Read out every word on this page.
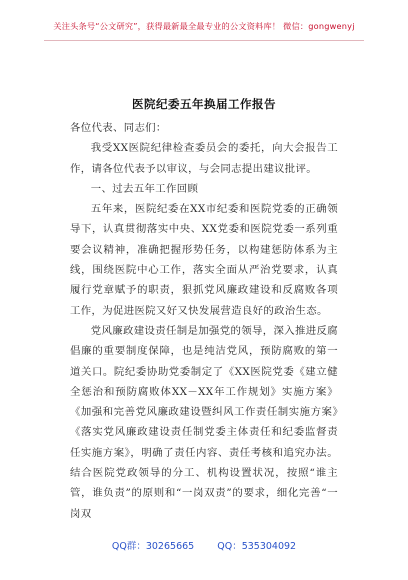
关注头条号“公文研究”，获得最新最全最专业的公文资料库！ 微信：gongwenyj
医院纪委五年换届工作报告

各位代表、同志们：

我受XX医院纪律检查委员会的委托，向大会报告工作，请各位代表予以审议，与会同志提出建议批评。

一、过去五年工作回顾

五年来，医院纪委在XX市纪委和医院党委的正确领导下，认真贯彻落实中央、XX党委和医院党委一系列重要会议精神，准确把握形势任务，以构建惩防体系为主线，围绕医院中心工作，落实全面从严治党要求，认真履行党章赋予的职责，狠抓党风廉政建设和反腐败各项工作，为促进医院又好又快发展营造良好的政治生态。

党风廉政建设责任制是加强党的领导，深入推进反腐倡廉的重要制度保障，也是纯洁党风，预防腐败的第一道关口。院纪委协助党委制定了《XX医院党委《建立健全惩治和预防腐败体XX－XX年工作规划》实施方案》《加强和完善党风廉政建设暨纠风工作责任制实施方案》《落实党风廉政建设责任制党委主体责任和纪委监督责任实施方案》，明确了责任内容、责任考核和追究办法。结合医院党政领导的分工、机构设置状况，按照“谁主管，谁负责”的原则和“一岗双责”的要求，细化完善“一岗双

QQ群：30265665 QQ：535304092
